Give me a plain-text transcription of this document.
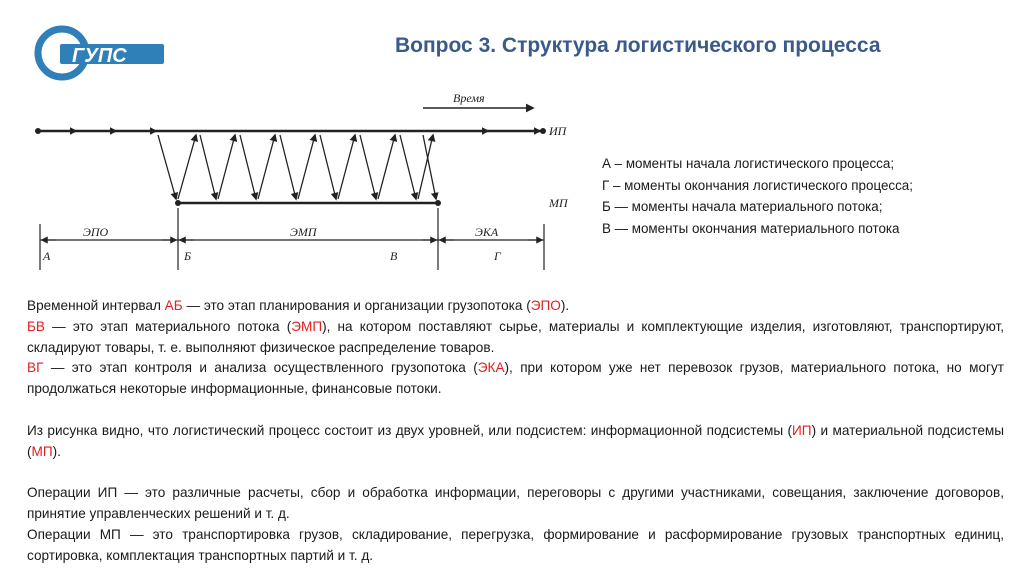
ГУПС	Вопрос 3. Структура логистического процесса
Время
ИП
МП
ЭПО	ЭМП	ЭКА
А	Б	В	Г
А – моменты начала логистического процесса;
Г – моменты окончания логистического процесса;
Б — моменты начала материального потока;
В — моменты окончания материального потока

Временной интервал АБ — это этап планирования и организации грузопотока (ЭПО).

БВ — это этап материального потока (ЭМП), на котором поставляют сырье, материалы и комплектующие изделия, изготовляют, транспортируют, складируют товары, т. е. выполняют физическое распределение товаров.

ВГ — это этап контроля и анализа осуществленного грузопотока (ЭКА), при котором уже нет перевозок грузов, материального потока, но могут продолжаться некоторые информационные, финансовые потоки.

Из рисунка видно, что логистический процесс состоит из двух уровней, или подсистем: информационной подсистемы (ИП) и материальной подсистемы (МП).

Операции ИП — это различные расчеты, сбор и обработка информации, переговоры с другими участниками, совещания, заключение договоров, принятие управленческих решений и т. д.

Операции МП — это транспортировка грузов, складирование, перегрузка, формирование и расформирование грузовых транспортных единиц, сортировка, комплектация транспортных партий и т. д.
